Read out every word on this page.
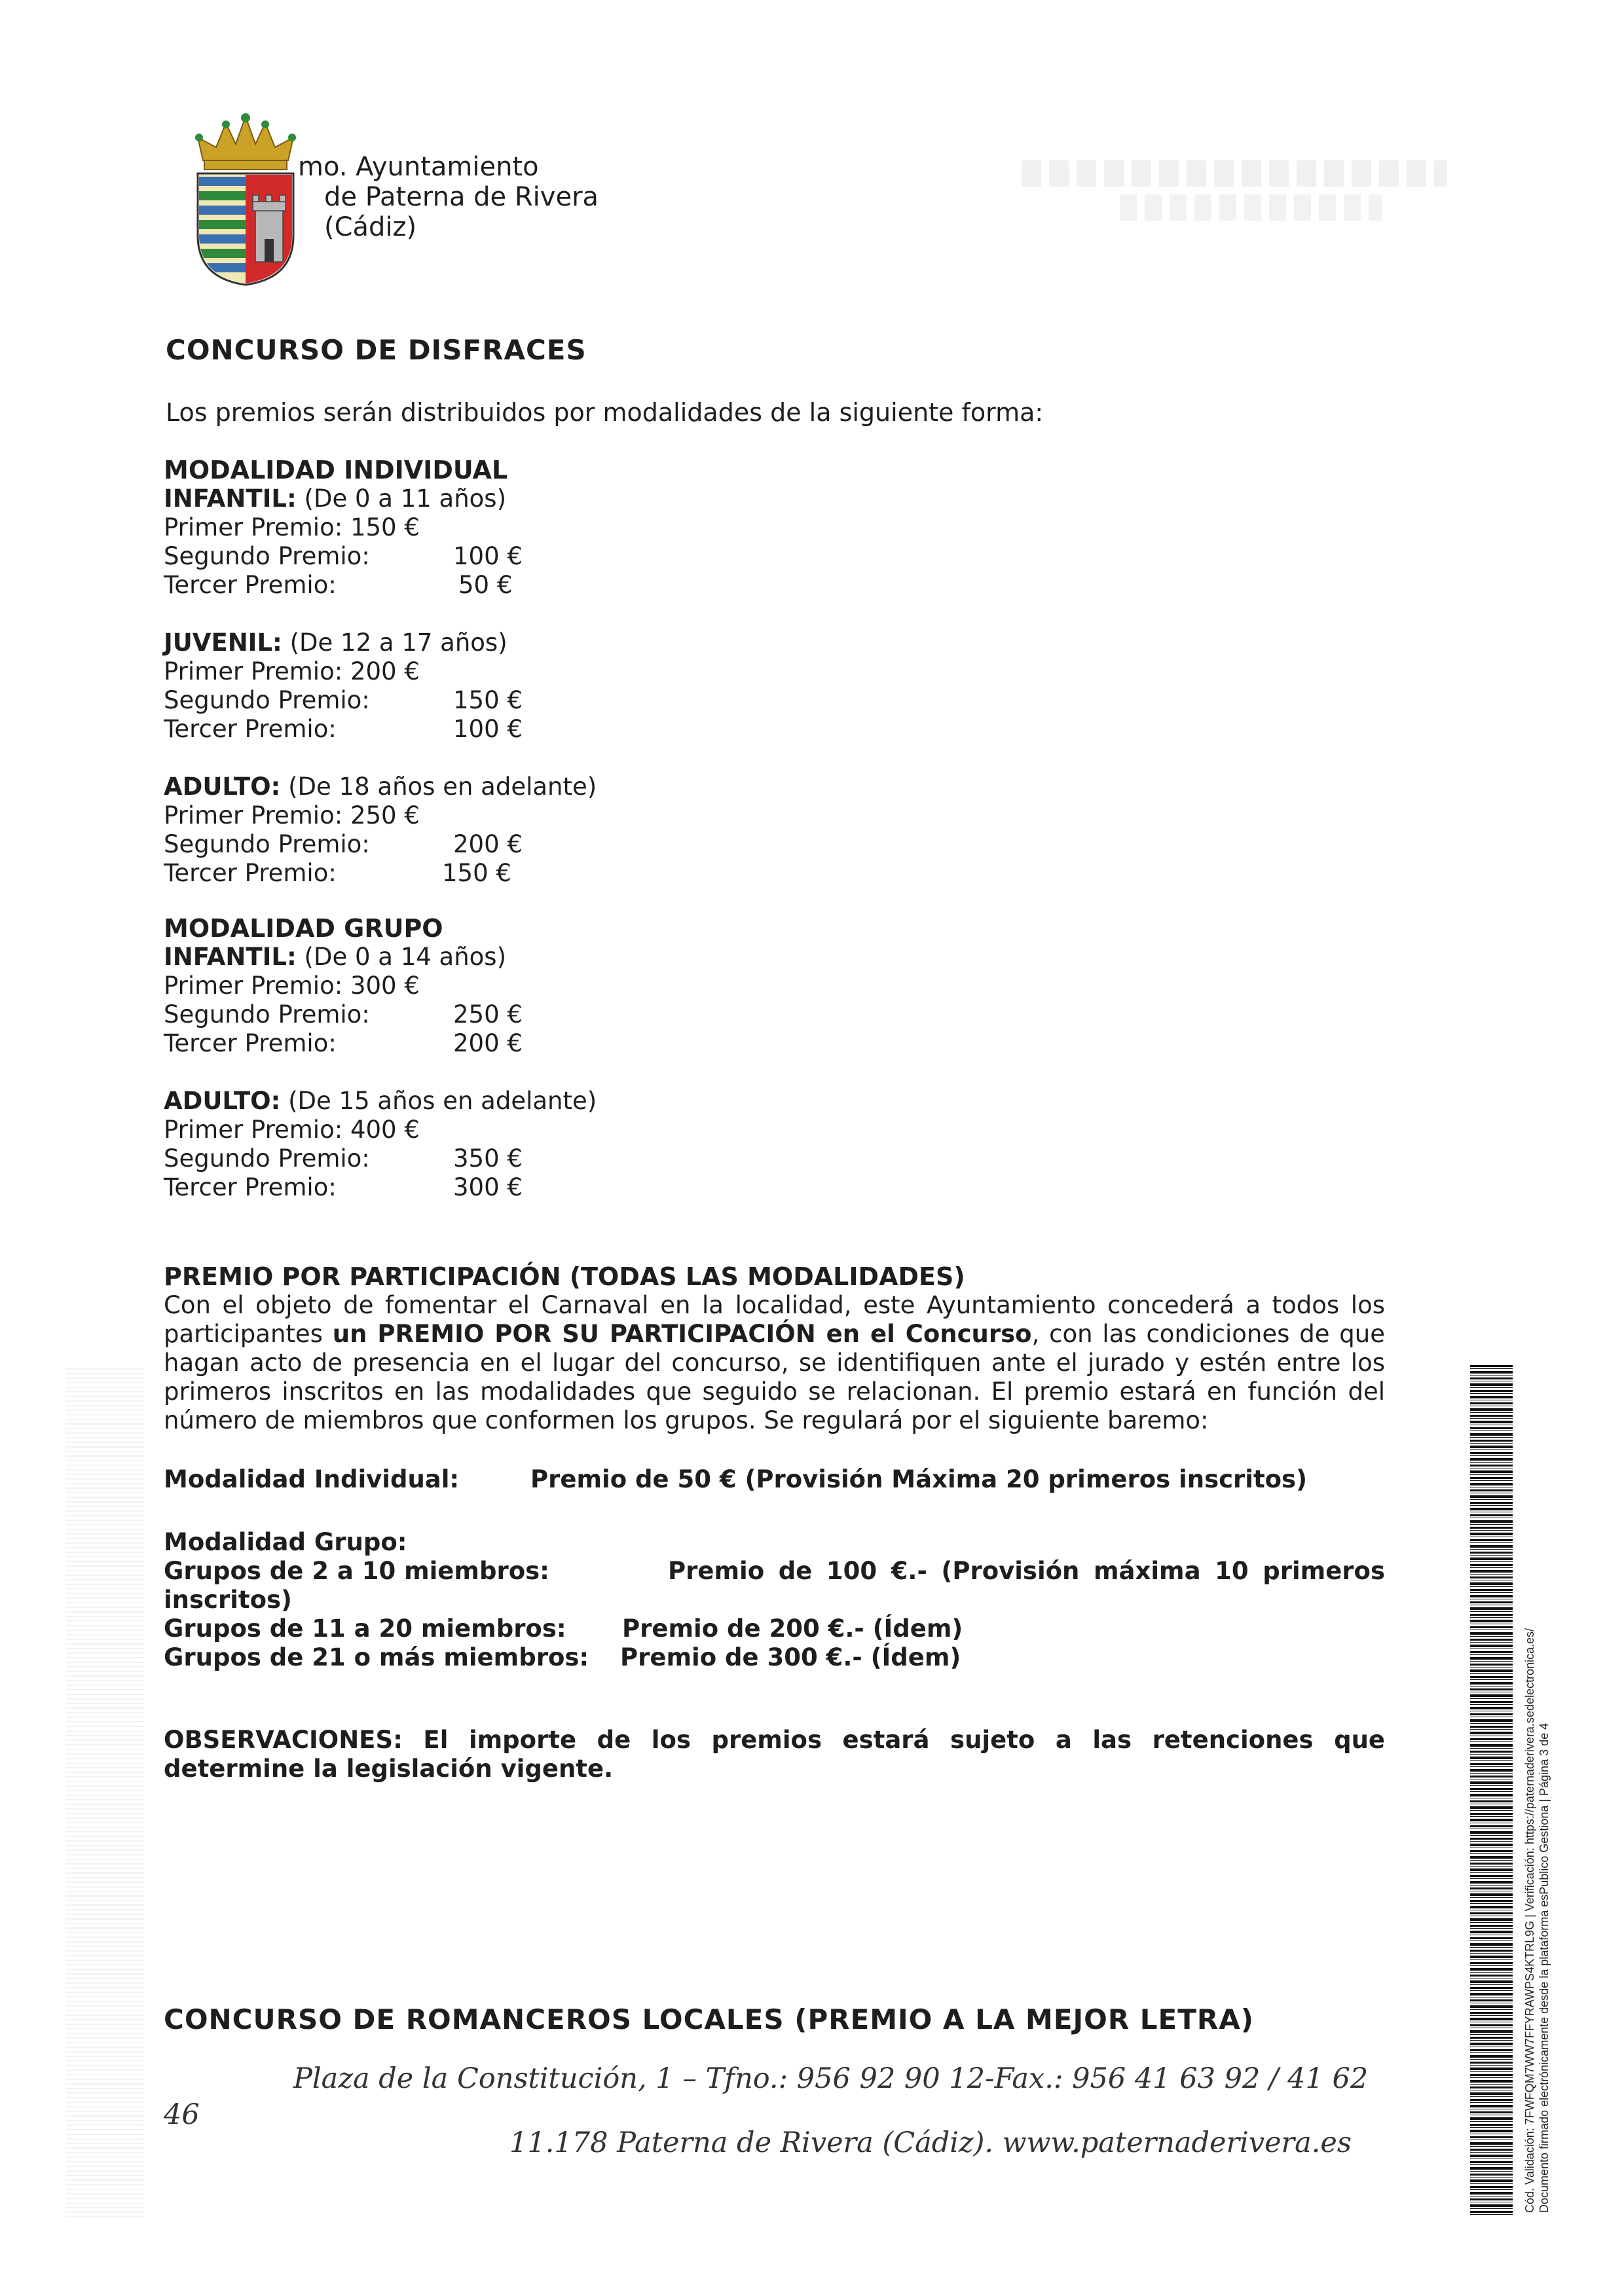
mo. Ayuntamiento
de Paterna de Rivera
(Cádiz)
CONCURSO DE DISFRACES
Los premios serán distribuidos por modalidades de la siguiente forma:
MODALIDAD INDIVIDUAL
INFANTIL: (De 0 a 11 años)
Primer Premio: 150 €
Segundo Premio:	100 €
Tercer Premio:	50 €
JUVENIL: (De 12 a 17 años)
Primer Premio: 200 €
Segundo Premio:	150 €
Tercer Premio:	100 €
ADULTO: (De 18 años en adelante)
Primer Premio: 250 €
Segundo Premio:	200 €
Tercer Premio:	150 €
MODALIDAD GRUPO
INFANTIL: (De 0 a 14 años)
Primer Premio: 300 €
Segundo Premio:	250 €
Tercer Premio:	200 €
ADULTO: (De 15 años en adelante)
Primer Premio: 400 €
Segundo Premio:	350 €
Tercer Premio:	300 €
PREMIO POR PARTICIPACIÓN (TODAS LAS MODALIDADES)
Con el objeto de fomentar el Carnaval en la localidad, este Ayuntamiento concederá a todos los participantes un PREMIO POR SU PARTICIPACIÓN en el Concurso, con las condiciones de que hagan acto de presencia en el lugar del concurso, se identifiquen ante el jurado y estén entre los primeros inscritos en las modalidades que seguido se relacionan. El premio estará en función del número de miembros que conformen los grupos. Se regulará por el siguiente baremo:
Modalidad Individual:	Premio de 50 € (Provisión Máxima 20 primeros inscritos)
Modalidad Grupo:
Grupos de 2 a 10 miembros:	Premio de 100 €.- (Provisión máxima 10 primeros
inscritos)
Grupos de 11 a 20 miembros: Premio de 200 €.- (Ídem)
Grupos de 21 o más miembros: Premio de 300 €.- (Ídem)
OBSERVACIONES: El importe de los premios estará sujeto a las retenciones que determine la legislación vigente.
CONCURSO DE ROMANCEROS LOCALES (PREMIO A LA MEJOR LETRA)
46
Plaza de la Constitución, 1 – Tfno.: 956 92 90 12-Fax.: 956 41 63 92 / 41 62
11.178 Paterna de Rivera (Cádiz). www.paternaderivera.es	Cód. Validación: 7FWFQM7WW7FFYRAWPS4KTRL9G | Verificación: https://paternaderivera.sedelectronica.es/ Documento firmado electrónicamente desde la plataforma esPublico Gestiona | Página 3 de 4
